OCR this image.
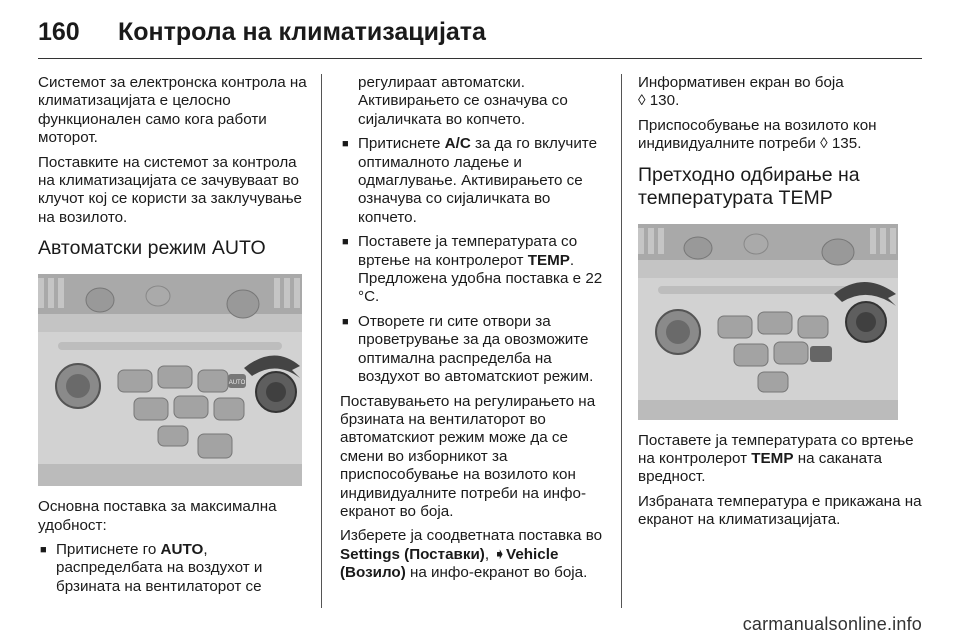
160 Контрола на климатизацијата

Системот за електронска контрола на климатизацијата е целосно функционален само кога работи моторот.

Поставките на системот за контрола на климатизацијата се зачувуваат во клучот кој се користи за заклучување на возилото.

Автоматски режим AUTO
AUTO

Основна поставка за максимална удобност:

■ Притиснете го AUTO, распределбата на воздухот и брзината на вентилаторот се

регулираат автоматски. Активирањето се означува со сијаличката во копчето.

■ Притиснете A/C за да го вклучите оптималното ладење и одмаглување. Активирањето се означува со сијаличката во копчето.
■ Поставете ја температурата со вртење на контролерот TEMP. Предложена удобна поставка е 22 °C.
■ Отворете ги сите отвори за проветрување за да овозможите оптимална распределба на воздухот во автоматскиот режим.

Поставувањето на регулирањето на брзината на вентилаторот во автоматскиот режим може да се смени во изборникот за приспособување на возилото кон индивидуалните потреби на инфо-екранот во боја.

Изберете ја соодветната поставка во Settings (Поставки), ➧Vehicle (Возило) на инфо-екранот во боја.

Информативен екран во боја
◊ 130.

Приспособување на возилото кон индивидуалните потреби ◊ 135.

Претходно одбирање на температурата TEMP

Поставете ја температурата со вртење на контролерот TEMP на саканата вредност.

Избраната температура е прикажана на екранот на климатизацијата.

carmanualsonline.info
